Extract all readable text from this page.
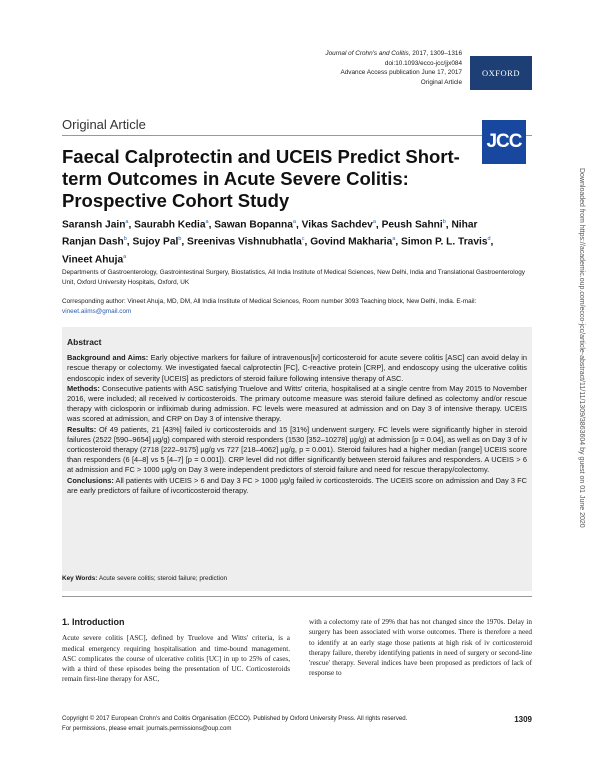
Journal of Crohn's and Colitis, 2017, 1309–1316
doi:10.1093/ecco-jcc/jjx084
Advance Access publication June 17, 2017
Original Article
OXFORD
Original Article
JCC
Faecal Calprotectin and UCEIS Predict Short-term Outcomes in Acute Severe Colitis: Prospective Cohort Study
Saransh Jain$^a$, Saurabh Kedia$^a$, Sawan Bopanna$^a$, Vikas Sachdev$^a$, Peush Sahni$^b$, Nihar Ranjan Dash$^b$, Sujoy Pal$^b$, Sreenivas Vishnubhatla$^c$, Govind Makharia$^a$, Simon P. L. Travis$^d$, Vineet Ahuja$^a$
Departments of Gastroenterology, Gastrointestinal Surgery, Biostatistics, All India Institute of Medical Sciences, New Delhi, India and Translational Gastroenterology Unit, Oxford University Hospitals, Oxford, UK
Corresponding author: Vineet Ahuja, MD, DM, All India Institute of Medical Sciences, Room number 3093 Teaching block, New Delhi, India. E-mail: vineet.aiims@gmail.com
Abstract

Background and Aims: Early objective markers for failure of intravenous[iv] corticosteroid for acute severe colitis [ASC] can avoid delay in rescue therapy or colectomy. We investigated faecal calprotectin [FC], C-reactive protein [CRP], and endoscopy using the ulcerative colitis endoscopic index of severity [UCEIS] as predictors of steroid failure following intensive therapy of ASC.

Methods: Consecutive patients with ASC satisfying Truelove and Witts' criteria, hospitalised at a single centre from May 2015 to November 2016, were included; all received iv corticosteroids. The primary outcome measure was steroid failure defined as colectomy and/or rescue therapy with ciclosporin or infliximab during admission. FC levels were measured at admission and on Day 3 of intensive therapy. UCEIS was scored at admission, and CRP on Day 3 of intensive therapy.

Results: Of 49 patients, 21 [43%] failed iv corticosteroids and 15 [31%] underwent surgery. FC levels were significantly higher in steroid failures (2522 [590–9654] µg/g) compared with steroid responders (1530 [352–10278] µg/g) at admission [p = 0.04], as well as on Day 3 of iv corticosteroid therapy (2718 [222–9175] µg/g vs 727 [218–4062] µg/g, p = 0.001). Steroid failures had a higher median [range] UCEIS score than responders (6 [4–8] vs 5 [4–7] [p = 0.001]). CRP level did not differ significantly between steroid failures and responders. A UCEIS > 6 at admission and FC > 1000 µg/g on Day 3 were independent predictors of steroid failure and need for rescue therapy/colectomy.

Conclusions: All patients with UCEIS > 6 and Day 3 FC > 1000 µg/g failed iv corticosteroids. The UCEIS score on admission and Day 3 FC are early predictors of failure of ivcorticosteroid therapy.

Key Words: Acute severe colitis; steroid failure; prediction
1. Introduction

Acute severe colitis [ASC], defined by Truelove and Witts' criteria, is a medical emergency requiring hospitalisation and time-bound management. ASC complicates the course of ulcerative colitis [UC] in up to 25% of cases, with a third of these episodes being the presentation of UC. Corticosteroids remain first-line therapy for ASC,

with a colectomy rate of 29% that has not changed since the 1970s. Delay in surgery has been associated with worse outcomes. There is therefore a need to identify at an early stage those patients at high risk of iv corticosteroid therapy failure, thereby identifying patients in need of surgery or second-line 'rescue' therapy. Several indices have been proposed as predictors of lack of response to

Copyright © 2017 European Crohn's and Colitis Organisation (ECCO). Published by Oxford University Press. All rights reserved.
For permissions, please email: journals.permissions@oup.com
1309
Downloaded from https://academic.oup.com/ecco-jcc/article-abstract/11/11/1309/3863604 by guest on 01 June 2020
